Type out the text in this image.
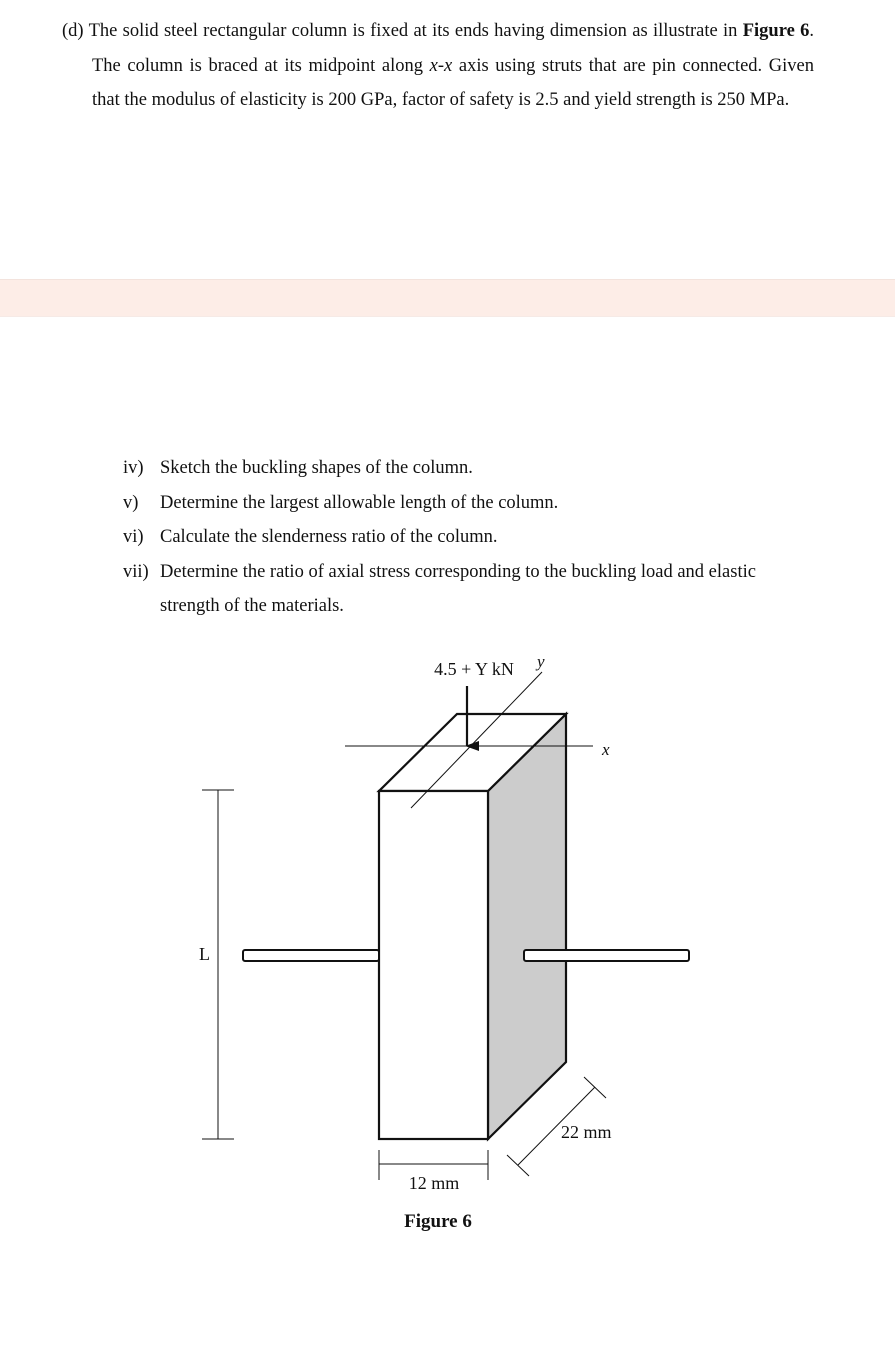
(d) The solid steel rectangular column is fixed at its ends having dimension as illustrate in Figure 6. The column is braced at its midpoint along x-x axis using struts that are pin connected. Given that the modulus of elasticity is 200 GPa, factor of safety is 2.5 and yield strength is 250 MPa.
iv) Sketch the buckling shapes of the column.
v) Determine the largest allowable length of the column.
vi) Calculate the slenderness ratio of the column.
vii) Determine the ratio of axial stress corresponding to the buckling load and elastic strength of the materials.
4.5 + Y kN y
x
L
12 mm
22 mm
Figure 6
